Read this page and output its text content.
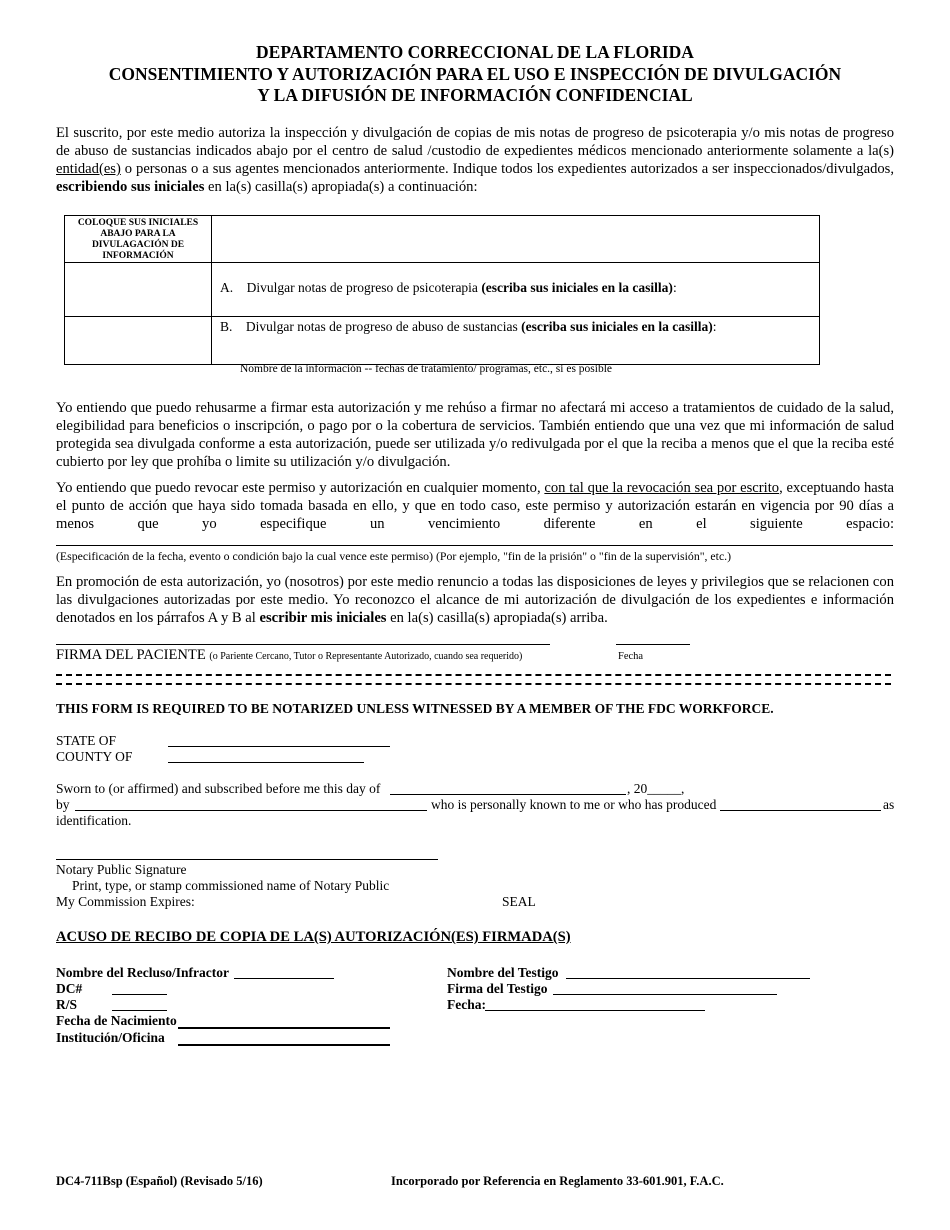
DEPARTAMENTO CORRECCIONAL DE LA FLORIDA
CONSENTIMIENTO Y AUTORIZACIÓN PARA EL USO E INSPECCIÓN DE DIVULGACIÓN
Y LA DIFUSIÓN DE INFORMACIÓN CONFIDENCIAL
El suscrito, por este medio autoriza la inspección y divulgación de copias de mis notas de progreso de psicoterapia y/o mis notas de progreso de abuso de sustancias indicados abajo por el centro de salud /custodio de expedientes médicos mencionado anteriormente solamente a la(s) entidad(es) o personas o a sus agentes mencionados anteriormente. Indique todos los expedientes autorizados a ser inspeccionados/divulgados, escribiendo sus iniciales en la(s) casilla(s) apropiada(s) a continuación:
COLOQUE SUS INICIALES ABAJO PARA LA DIVULAGACIÓN DE INFORMACIÓN	
	A. Divulgar notas de progreso de psicoterapia (escriba sus iniciales en la casilla):
	B. Divulgar notas de progreso de abuso de sustancias (escriba sus iniciales en la casilla):
Nombre de la información -- fechas de tratamiento/ programas, etc., si es posible
Yo entiendo que puedo rehusarme a firmar esta autorización y me rehúso a firmar no afectará mi acceso a tratamientos de cuidado de la salud, elegibilidad para beneficios o inscripción, o pago por o la cobertura de servicios. También entiendo que una vez que mi información de salud protegida sea divulgada conforme a esta autorización, puede ser utilizada y/o redivulgada por el que la reciba a menos que el que la reciba esté cubierto por ley que prohíba o limite su utilización y/o divulgación.
Yo entiendo que puedo revocar este permiso y autorización en cualquier momento, con tal que la revocación sea por escrito, exceptuando hasta el punto de acción que haya sido tomada basada en ello, y que en todo caso, este permiso y autorización estarán en vigencia por 90 días a menos que yo especifique un vencimiento diferente en el siguiente espacio:
(Especificación de la fecha, evento o condición bajo la cual vence este permiso) (Por ejemplo, "fin de la prisión" o "fin de la supervisión", etc.)
En promoción de esta autorización, yo (nosotros) por este medio renuncio a todas las disposiciones de leyes y privilegios que se relacionen con las divulgaciones autorizadas por este medio. Yo reconozco el alcance de mi autorización de divulgación de los expedientes e información denotados en los párrafos A y B al escribir mis iniciales en la(s) casilla(s) apropiada(s) arriba.
FIRMA DEL PACIENTE (o Pariente Cercano, Tutor o Representante Autorizado, cuando sea requerido)	Fecha
THIS FORM IS REQUIRED TO BE NOTARIZED UNLESS WITNESSED BY A MEMBER OF THE FDC WORKFORCE.
STATE OF
COUNTY OF
Sworn to (or affirmed) and subscribed before me this day of	, 20_____,
by	who is personally known to me or who has produced	as
identification.
Notary Public Signature
Print, type, or stamp commissioned name of Notary Public
My Commission Expires:	SEAL
ACUSO DE RECIBO DE COPIA DE LA(S) AUTORIZACIÓN(ES) FIRMADA(S)
Nombre del Recluso/Infractor
DC#
R/S
Fecha de Nacimiento
Institución/Oficina
Nombre del Testigo
Firma del Testigo
Fecha:
DC4-711Bsp (Español) (Revisado 5/16)	Incorporado por Referencia en Reglamento 33-601.901, F.A.C.
